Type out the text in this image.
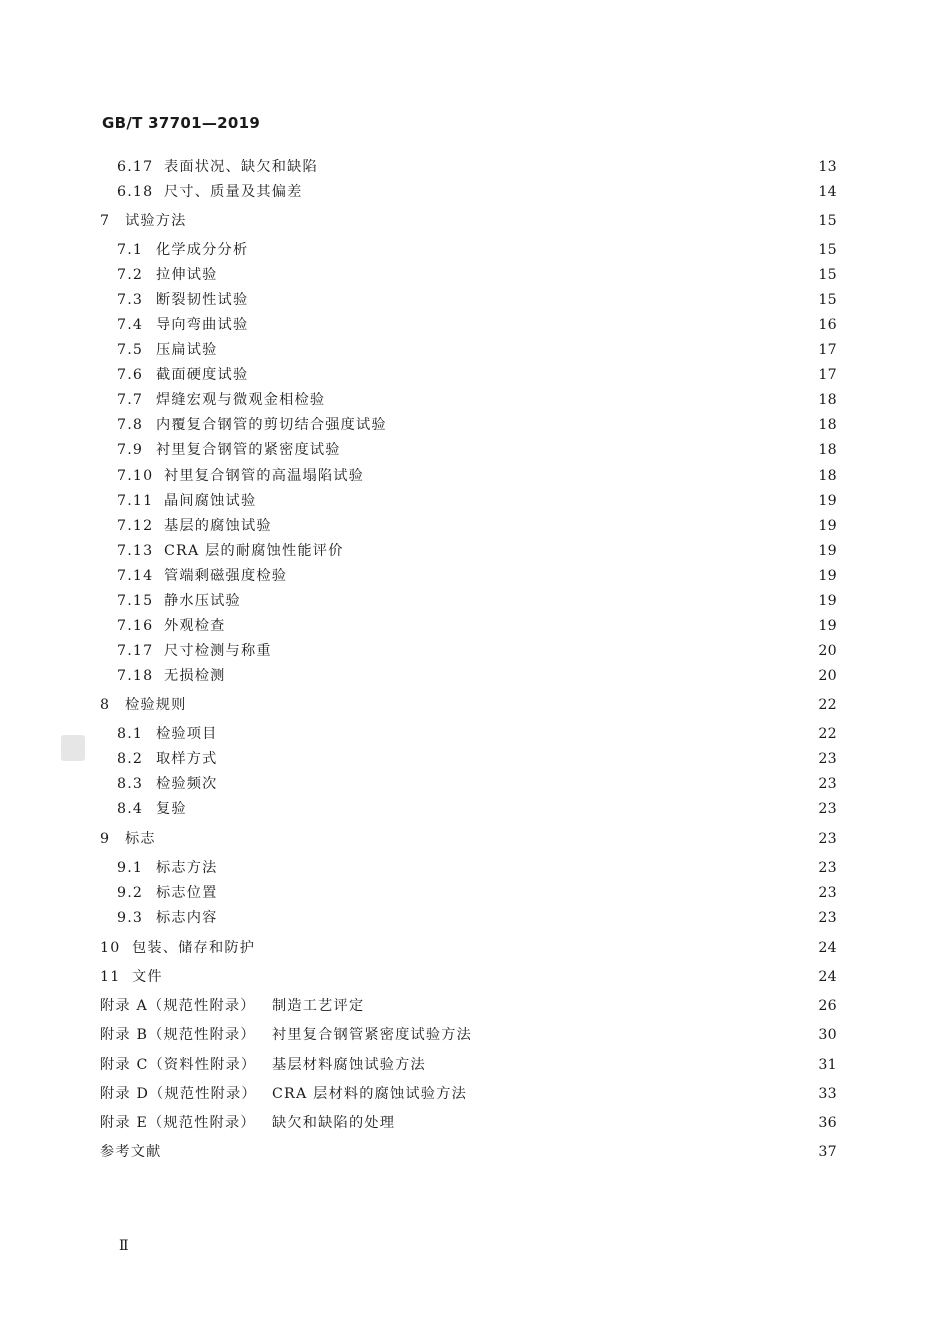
GB/T 37701—2019
6.17 表面状况、缺欠和缺陷	13
6.18 尺寸、质量及其偏差	14
7	试验方法	15
7.1 化学成分分析	15
7.2 拉伸试验	15
7.3 断裂韧性试验	15
7.4 导向弯曲试验	16
7.5 压扁试验	17
7.6 截面硬度试验	17
7.7 焊缝宏观与微观金相检验	18
7.8 内覆复合钢管的剪切结合强度试验	18
7.9 衬里复合钢管的紧密度试验	18
7.10 衬里复合钢管的高温塌陷试验	18
7.11 晶间腐蚀试验	19
7.12 基层的腐蚀试验	19
7.13 CRA 层的耐腐蚀性能评价	19
7.14 管端剩磁强度检验	19
7.15 静水压试验	19
7.16 外观检查	19
7.17 尺寸检测与称重	20
7.18 无损检测	20
8	检验规则	22
8.1 检验项目	22
8.2 取样方式	23
8.3 检验频次	23
8.4 复验	23
9	标志	23
9.1 标志方法	23
9.2 标志位置	23
9.3 标志内容	23
10 包装、储存和防护	24
11 文件	24
附录 A（规范性附录）	制造工艺评定	26
附录 B（规范性附录）	衬里复合钢管紧密度试验方法	30
附录 C（资料性附录）	基层材料腐蚀试验方法	31
附录 D（规范性附录）	CRA 层材料的腐蚀试验方法	33
附录 E（规范性附录）	缺欠和缺陷的处理	36
参考文献	37
Ⅱ
